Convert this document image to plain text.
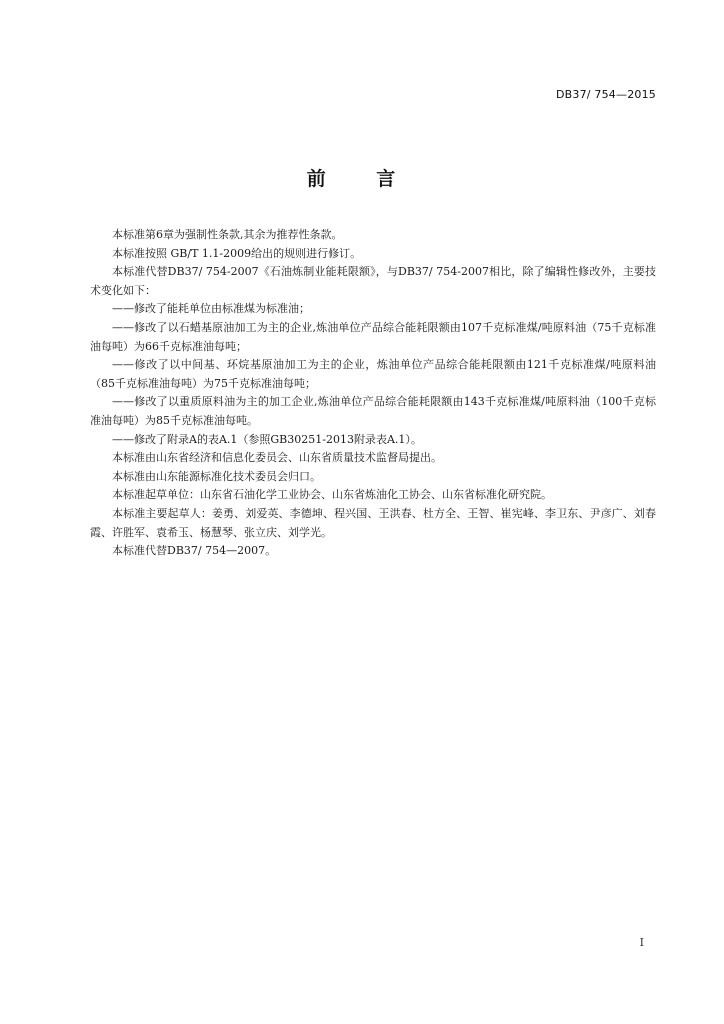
DB37/ 754—2015
前 言

本标准第6章为强制性条款,其余为推荐性条款。

本标准按照 GB/T 1.1-2009给出的规则进行修订。

本标准代替DB37/ 754-2007《石油炼制业能耗限额》，与DB37/ 754-2007相比，除了编辑性修改外，主要技术变化如下：

——修改了能耗单位由标准煤为标准油；

——修改了以石蜡基原油加工为主的企业,炼油单位产品综合能耗限额由107千克标准煤/吨原料油（75千克标准油每吨）为66千克标准油每吨；

——修改了以中间基、环烷基原油加工为主的企业，炼油单位产品综合能耗限额由121千克标准煤/吨原料油（85千克标准油每吨）为75千克标准油每吨；

——修改了以重质原料油为主的加工企业,炼油单位产品综合能耗限额由143千克标准煤/吨原料油（100千克标准油每吨）为85千克标准油每吨。

——修改了附录A的表A.1（参照GB30251-2013附录表A.1）。

本标准由山东省经济和信息化委员会、山东省质量技术监督局提出。

本标准由山东能源标准化技术委员会归口。

本标准起草单位：山东省石油化学工业协会、山东省炼油化工协会、山东省标准化研究院。

本标准主要起草人：姜勇、刘爱英、李德坤、程兴国、王洪春、杜方全、王智、崔宪峰、李卫东、尹彦广、刘春霞、许胜军、袁希玉、杨慧琴、张立庆、刘学光。

本标准代替DB37/ 754—2007。

I
